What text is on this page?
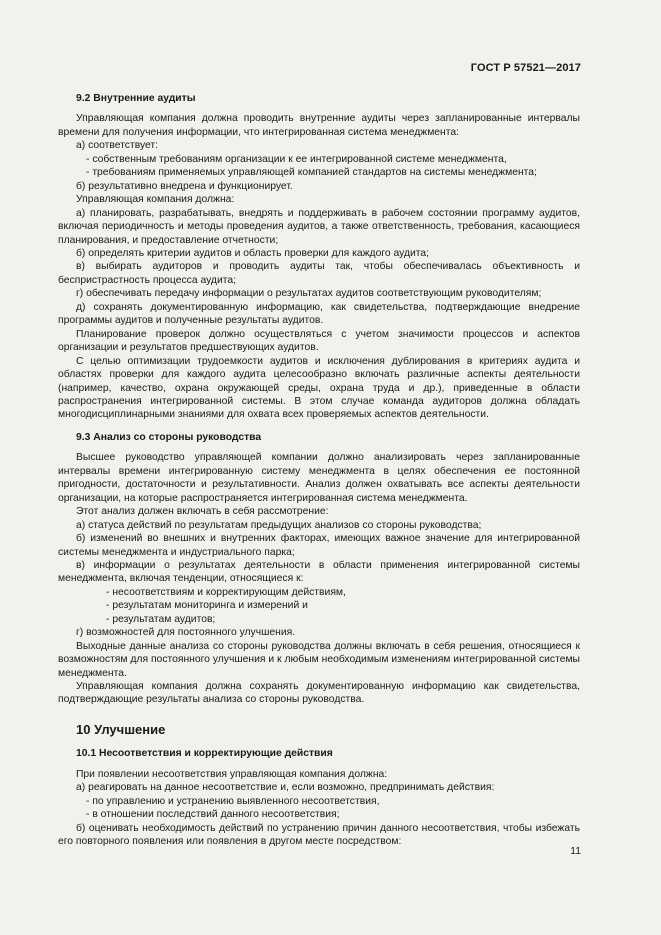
ГОСТ Р 57521—2017
9.2 Внутренние аудиты

Управляющая компания должна проводить внутренние аудиты через запланированные интервалы времени для получения информации, что интегрированная система менеджмента:

а) соответствует:

- собственным требованиям организации к ее интегрированной системе менеджмента,
- требованиям применяемых управляющей компанией стандартов на системы менеджмента;

б) результативно внедрена и функционирует.

Управляющая компания должна:

а) планировать, разрабатывать, внедрять и поддерживать в рабочем состоянии программу аудитов, включая периодичность и методы проведения аудитов, а также ответственность, требования, касающиеся планирования, и предоставление отчетности;

б) определять критерии аудитов и область проверки для каждого аудита;

в) выбирать аудиторов и проводить аудиты так, чтобы обеспечивалась объективность и беспристрастность процесса аудита;

г) обеспечивать передачу информации о результатах аудитов соответствующим руководителям;

д) сохранять документированную информацию, как свидетельства, подтверждающие внедрение программы аудитов и полученные результаты аудитов.

Планирование проверок должно осуществляться с учетом значимости процессов и аспектов организации и результатов предшествующих аудитов.

С целью оптимизации трудоемкости аудитов и исключения дублирования в критериях аудита и областях проверки для каждого аудита целесообразно включать различные аспекты деятельности (например, качество, охрана окружающей среды, охрана труда и др.), приведенные в области распространения интегрированной системы. В этом случае команда аудиторов должна обладать многодисциплинарными знаниями для охвата всех проверяемых аспектов деятельности.

9.3 Анализ со стороны руководства

Высшее руководство управляющей компании должно анализировать через запланированные интервалы времени интегрированную систему менеджмента в целях обеспечения ее постоянной пригодности, достаточности и результативности. Анализ должен охватывать все аспекты деятельности организации, на которые распространяется интегрированная система менеджмента.

Этот анализ должен включать в себя рассмотрение:

а) статуса действий по результатам предыдущих анализов со стороны руководства;

б) изменений во внешних и внутренних факторах, имеющих важное значение для интегрированной системы менеджмента и индустриального парка;

в) информации о результатах деятельности в области применения интегрированной системы менеджмента, включая тенденции, относящиеся к:

- несоответствиям и корректирующим действиям,
- результатам мониторинга и измерений и
- результатам аудитов;

г) возможностей для постоянного улучшения.

Выходные данные анализа со стороны руководства должны включать в себя решения, относящиеся к возможностям для постоянного улучшения и к любым необходимым изменениям интегрированной системы менеджмента.

Управляющая компания должна сохранять документированную информацию как свидетельства, подтверждающие результаты анализа со стороны руководства.

10 Улучшение
10.1 Несоответствия и корректирующие действия

При появлении несоответствия управляющая компания должна:

а) реагировать на данное несоответствие и, если возможно, предпринимать действия:

- по управлению и устранению выявленного несоответствия,
- в отношении последствий данного несоответствия;

б) оценивать необходимость действий по устранению причин данного несоответствия, чтобы избежать его повторного появления или появления в другом месте посредством:

11
